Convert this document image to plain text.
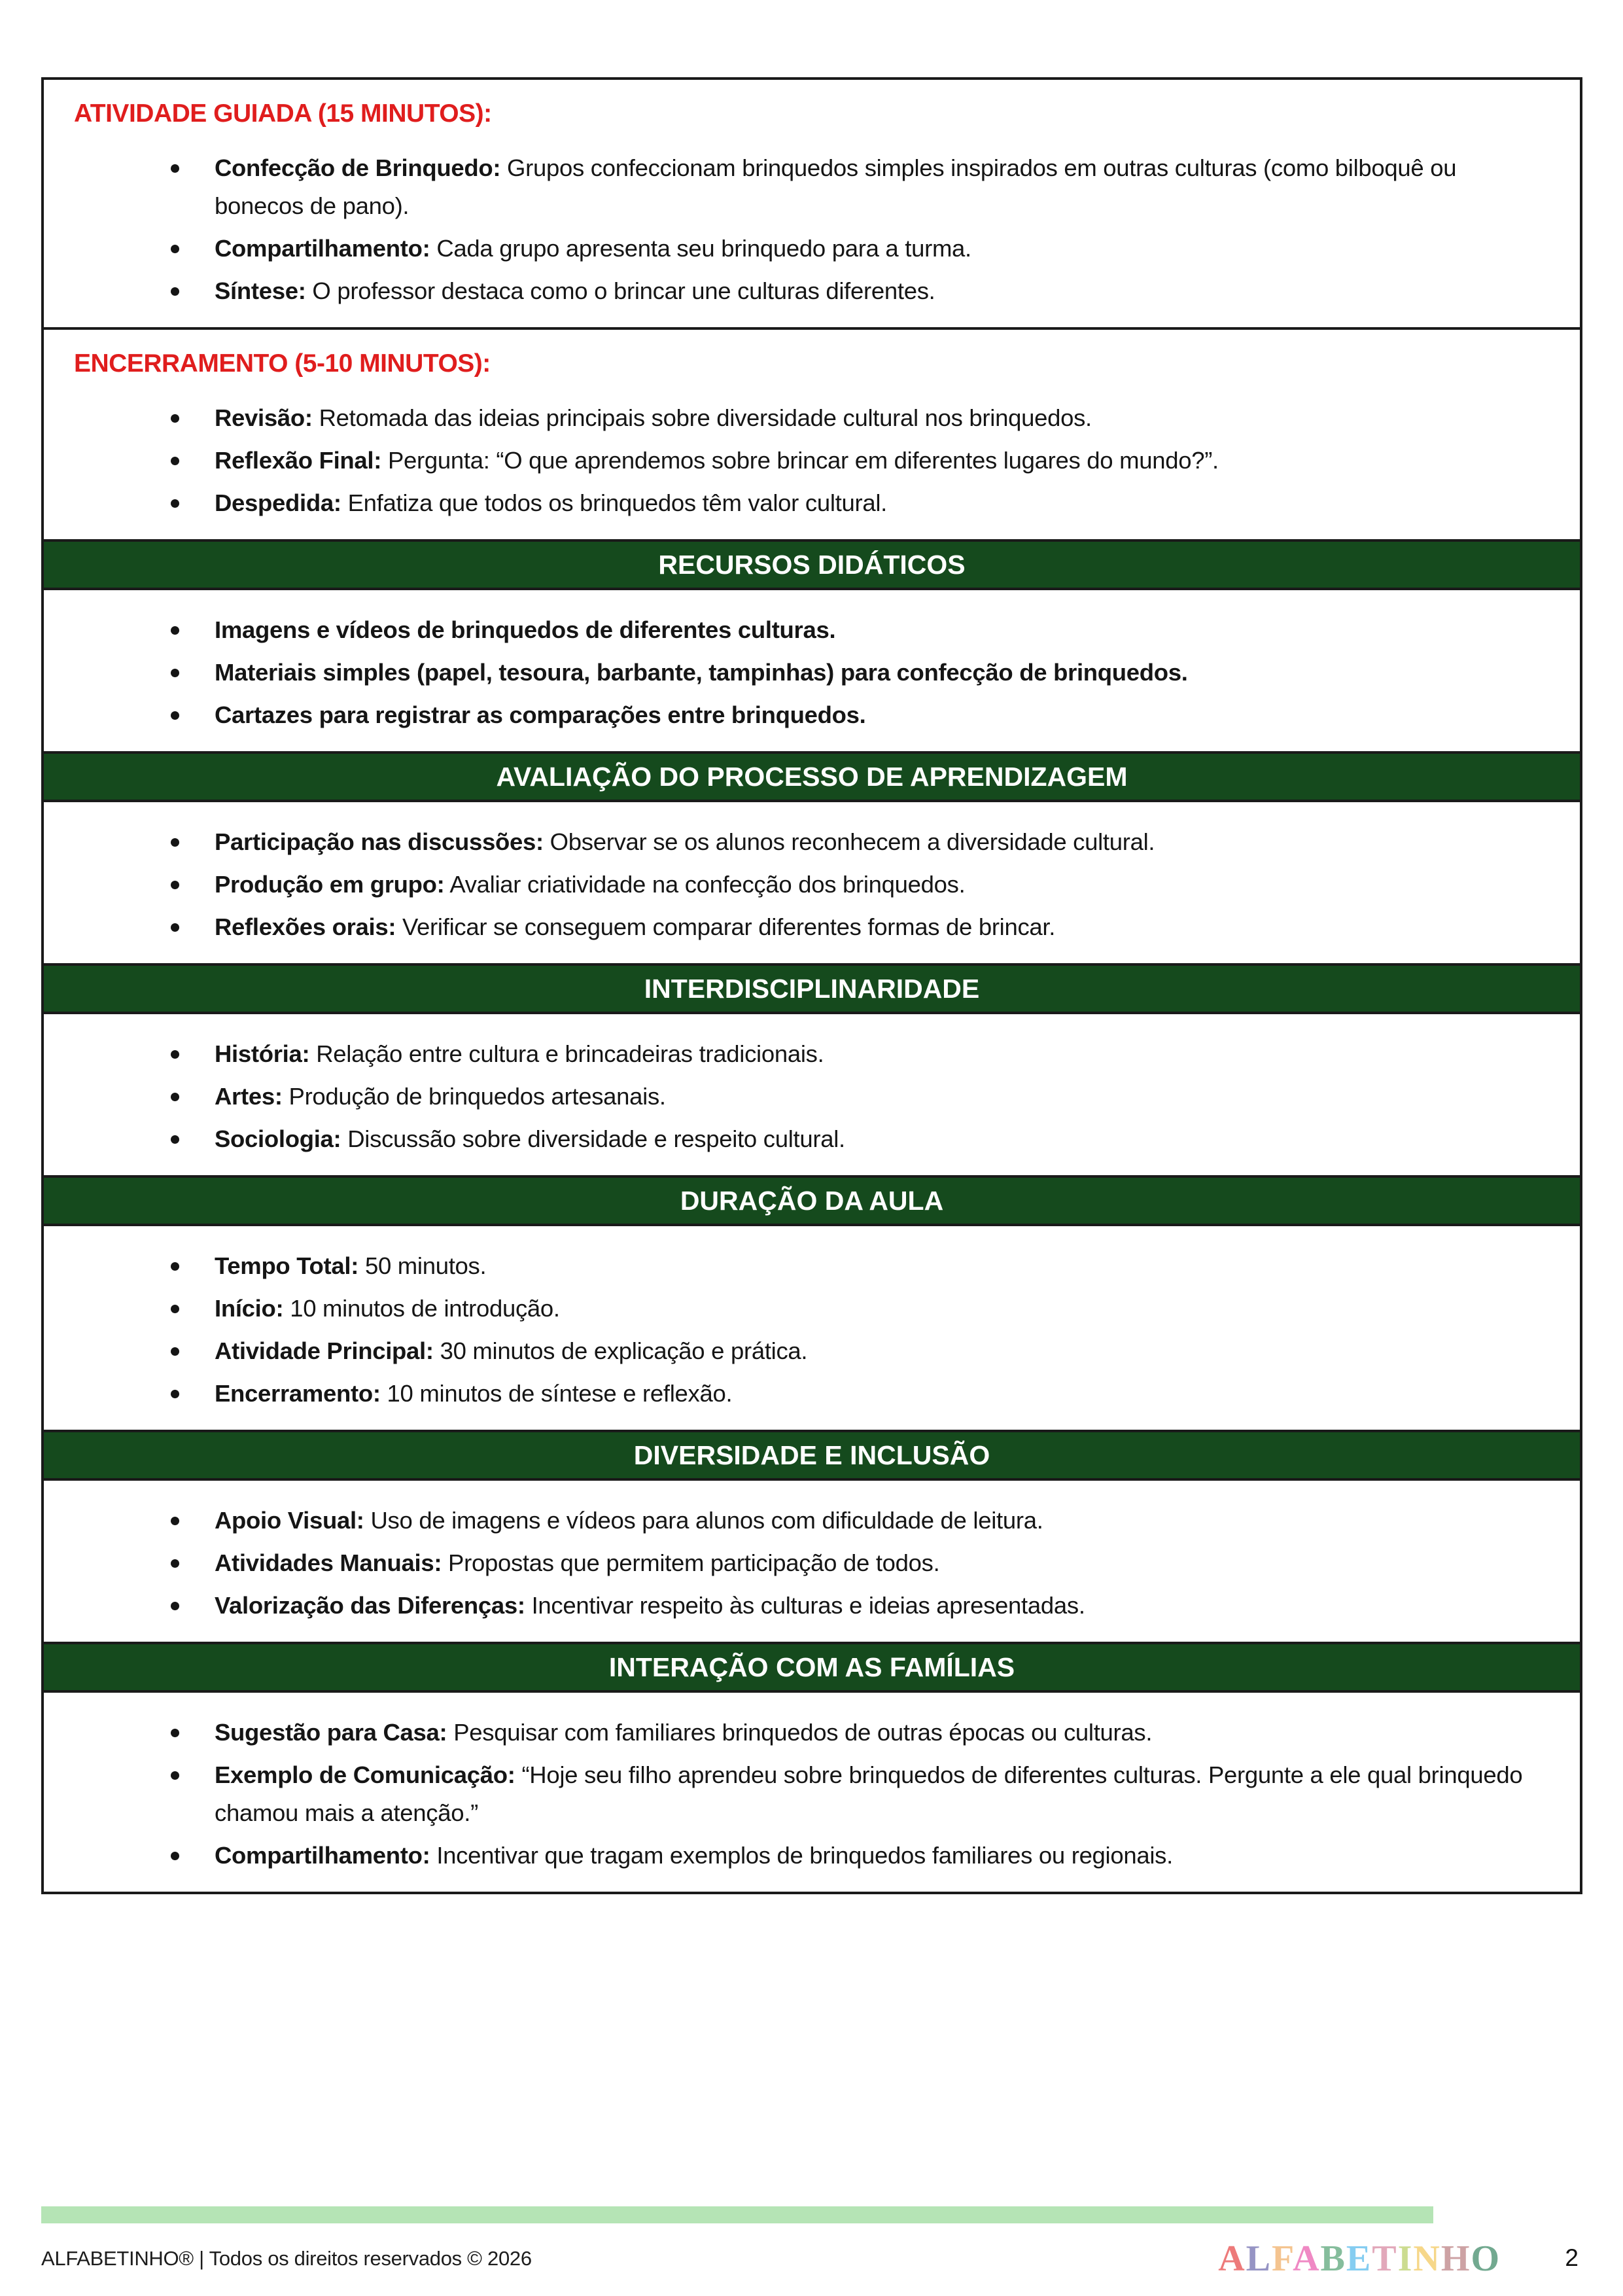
ATIVIDADE GUIADA (15 MINUTOS):
Confecção de Brinquedo: Grupos confeccionam brinquedos simples inspirados em outras culturas (como bilboquê ou bonecos de pano).
Compartilhamento: Cada grupo apresenta seu brinquedo para a turma.
Síntese: O professor destaca como o brincar une culturas diferentes.
ENCERRAMENTO (5-10 MINUTOS):
Revisão: Retomada das ideias principais sobre diversidade cultural nos brinquedos.
Reflexão Final: Pergunta: “O que aprendemos sobre brincar em diferentes lugares do mundo?”.
Despedida: Enfatiza que todos os brinquedos têm valor cultural.
RECURSOS DIDÁTICOS
Imagens e vídeos de brinquedos de diferentes culturas.
Materiais simples (papel, tesoura, barbante, tampinhas) para confecção de brinquedos.
Cartazes para registrar as comparações entre brinquedos.
AVALIAÇÃO DO PROCESSO DE APRENDIZAGEM
Participação nas discussões: Observar se os alunos reconhecem a diversidade cultural.
Produção em grupo: Avaliar criatividade na confecção dos brinquedos.
Reflexões orais: Verificar se conseguem comparar diferentes formas de brincar.
INTERDISCIPLINARIDADE
História: Relação entre cultura e brincadeiras tradicionais.
Artes: Produção de brinquedos artesanais.
Sociologia: Discussão sobre diversidade e respeito cultural.
DURAÇÃO DA AULA
Tempo Total: 50 minutos.
Início: 10 minutos de introdução.
Atividade Principal: 30 minutos de explicação e prática.
Encerramento: 10 minutos de síntese e reflexão.
DIVERSIDADE E INCLUSÃO
Apoio Visual: Uso de imagens e vídeos para alunos com dificuldade de leitura.
Atividades Manuais: Propostas que permitem participação de todos.
Valorização das Diferenças: Incentivar respeito às culturas e ideias apresentadas.
INTERAÇÃO COM AS FAMÍLIAS
Sugestão para Casa: Pesquisar com familiares brinquedos de outras épocas ou culturas.
Exemplo de Comunicação: “Hoje seu filho aprendeu sobre brinquedos de diferentes culturas. Pergunte a ele qual brinquedo chamou mais a atenção.”
Compartilhamento: Incentivar que tragam exemplos de brinquedos familiares ou regionais.
ALFABETINHO® | Todos os direitos reservados © 2026	ALFABETINHO	2
